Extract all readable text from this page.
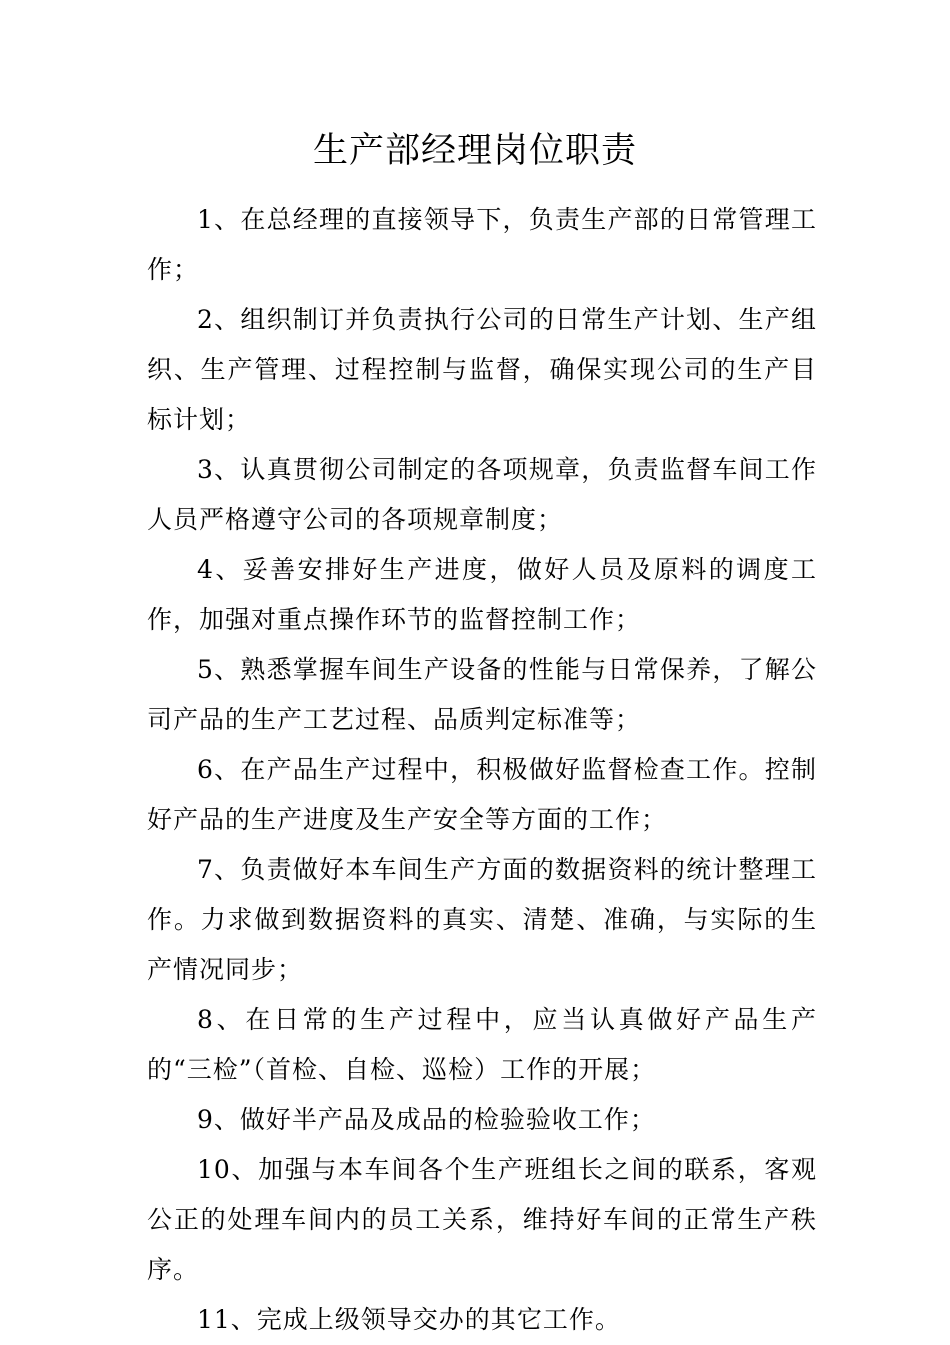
生产部经理岗位职责

1、在总经理的直接领导下，负责生产部的日常管理工作；

2、组织制订并负责执行公司的日常生产计划、生产组织、生产管理、过程控制与监督，确保实现公司的生产目标计划；

3、认真贯彻公司制定的各项规章，负责监督车间工作人员严格遵守公司的各项规章制度；

4、妥善安排好生产进度，做好人员及原料的调度工作，加强对重点操作环节的监督控制工作；

5、熟悉掌握车间生产设备的性能与日常保养，了解公司产品的生产工艺过程、品质判定标准等；

6、在产品生产过程中，积极做好监督检查工作。控制好产品的生产进度及生产安全等方面的工作；

7、负责做好本车间生产方面的数据资料的统计整理工作。力求做到数据资料的真实、清楚、准确，与实际的生产情况同步；

8、在日常的生产过程中，应当认真做好产品生产的“三检”（首检、自检、巡检）工作的开展；

9、做好半产品及成品的检验验收工作；

10、加强与本车间各个生产班组长之间的联系，客观公正的处理车间内的员工关系，维持好车间的正常生产秩序。

11、完成上级领导交办的其它工作。
